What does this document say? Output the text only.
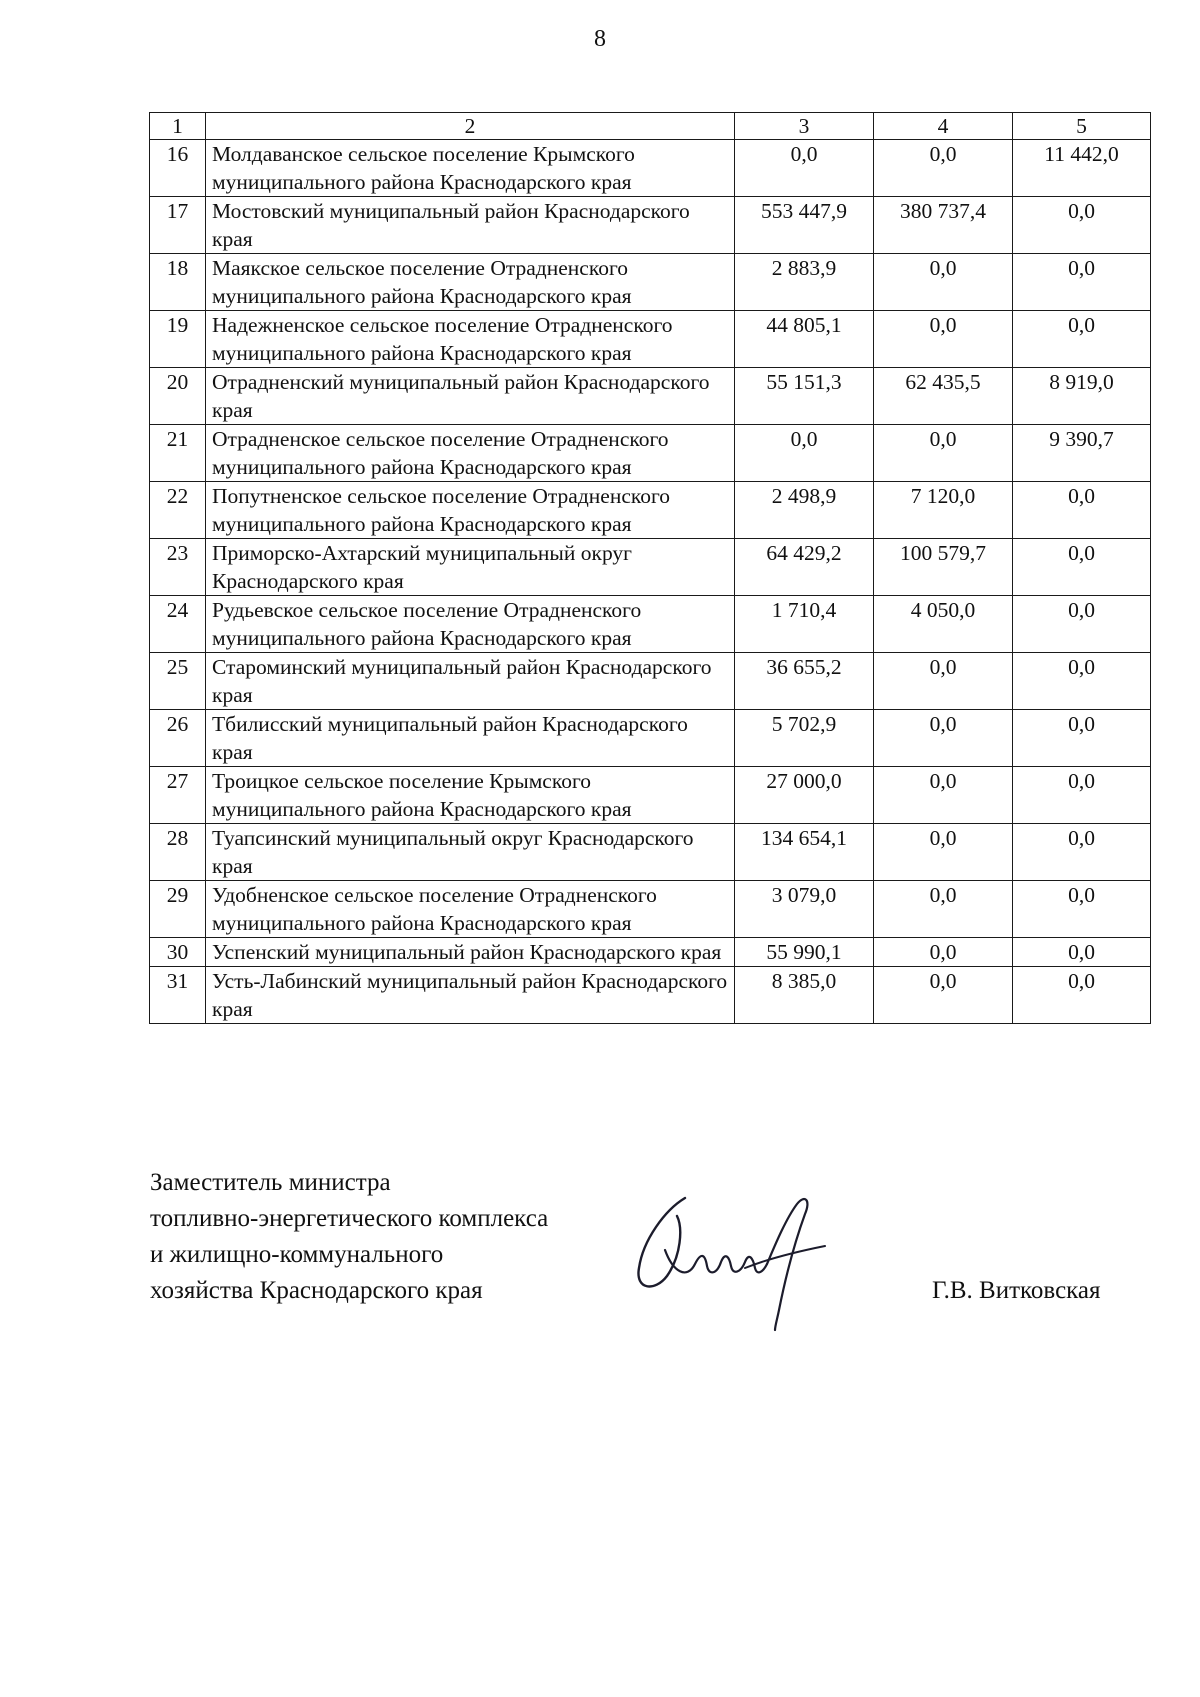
8
1	2	3	4	5
16	Молдаванское сельское поселение Крымского муниципального района Краснодарского края	0,0	0,0	11 442,0
17	Мостовский муниципальный район Краснодарского края	553 447,9	380 737,4	0,0
18	Маякское сельское поселение Отрадненского муниципального района Краснодарского края	2 883,9	0,0	0,0
19	Надежненское сельское поселение Отрадненского муниципального района Краснодарского края	44 805,1	0,0	0,0
20	Отрадненский муниципальный район Краснодарского края	55 151,3	62 435,5	8 919,0
21	Отрадненское сельское поселение Отрадненского муниципального района Краснодарского края	0,0	0,0	9 390,7
22	Попутненское сельское поселение Отрадненского муниципального района Краснодарского края	2 498,9	7 120,0	0,0
23	Приморско-Ахтарский муниципальный округ Краснодарского края	64 429,2	100 579,7	0,0
24	Рудьевское сельское поселение Отрадненского муниципального района Краснодарского края	1 710,4	4 050,0	0,0
25	Староминский муниципальный район Краснодарского края	36 655,2	0,0	0,0
26	Тбилисский муниципальный район Краснодарского края	5 702,9	0,0	0,0
27	Троицкое сельское поселение Крымского муниципального района Краснодарского края	27 000,0	0,0	0,0
28	Туапсинский муниципальный округ Краснодарского края	134 654,1	0,0	0,0
29	Удобненское сельское поселение Отрадненского муниципального района Краснодарского края	3 079,0	0,0	0,0
30	Успенский муниципальный район Краснодарского края	55 990,1	0,0	0,0
31	Усть-Лабинский муниципальный район Краснодарского края	8 385,0	0,0	0,0
Заместитель министра
топливно-энергетического комплекса
и жилищно-коммунального
хозяйства Краснодарского края	Г.В. Витковская
